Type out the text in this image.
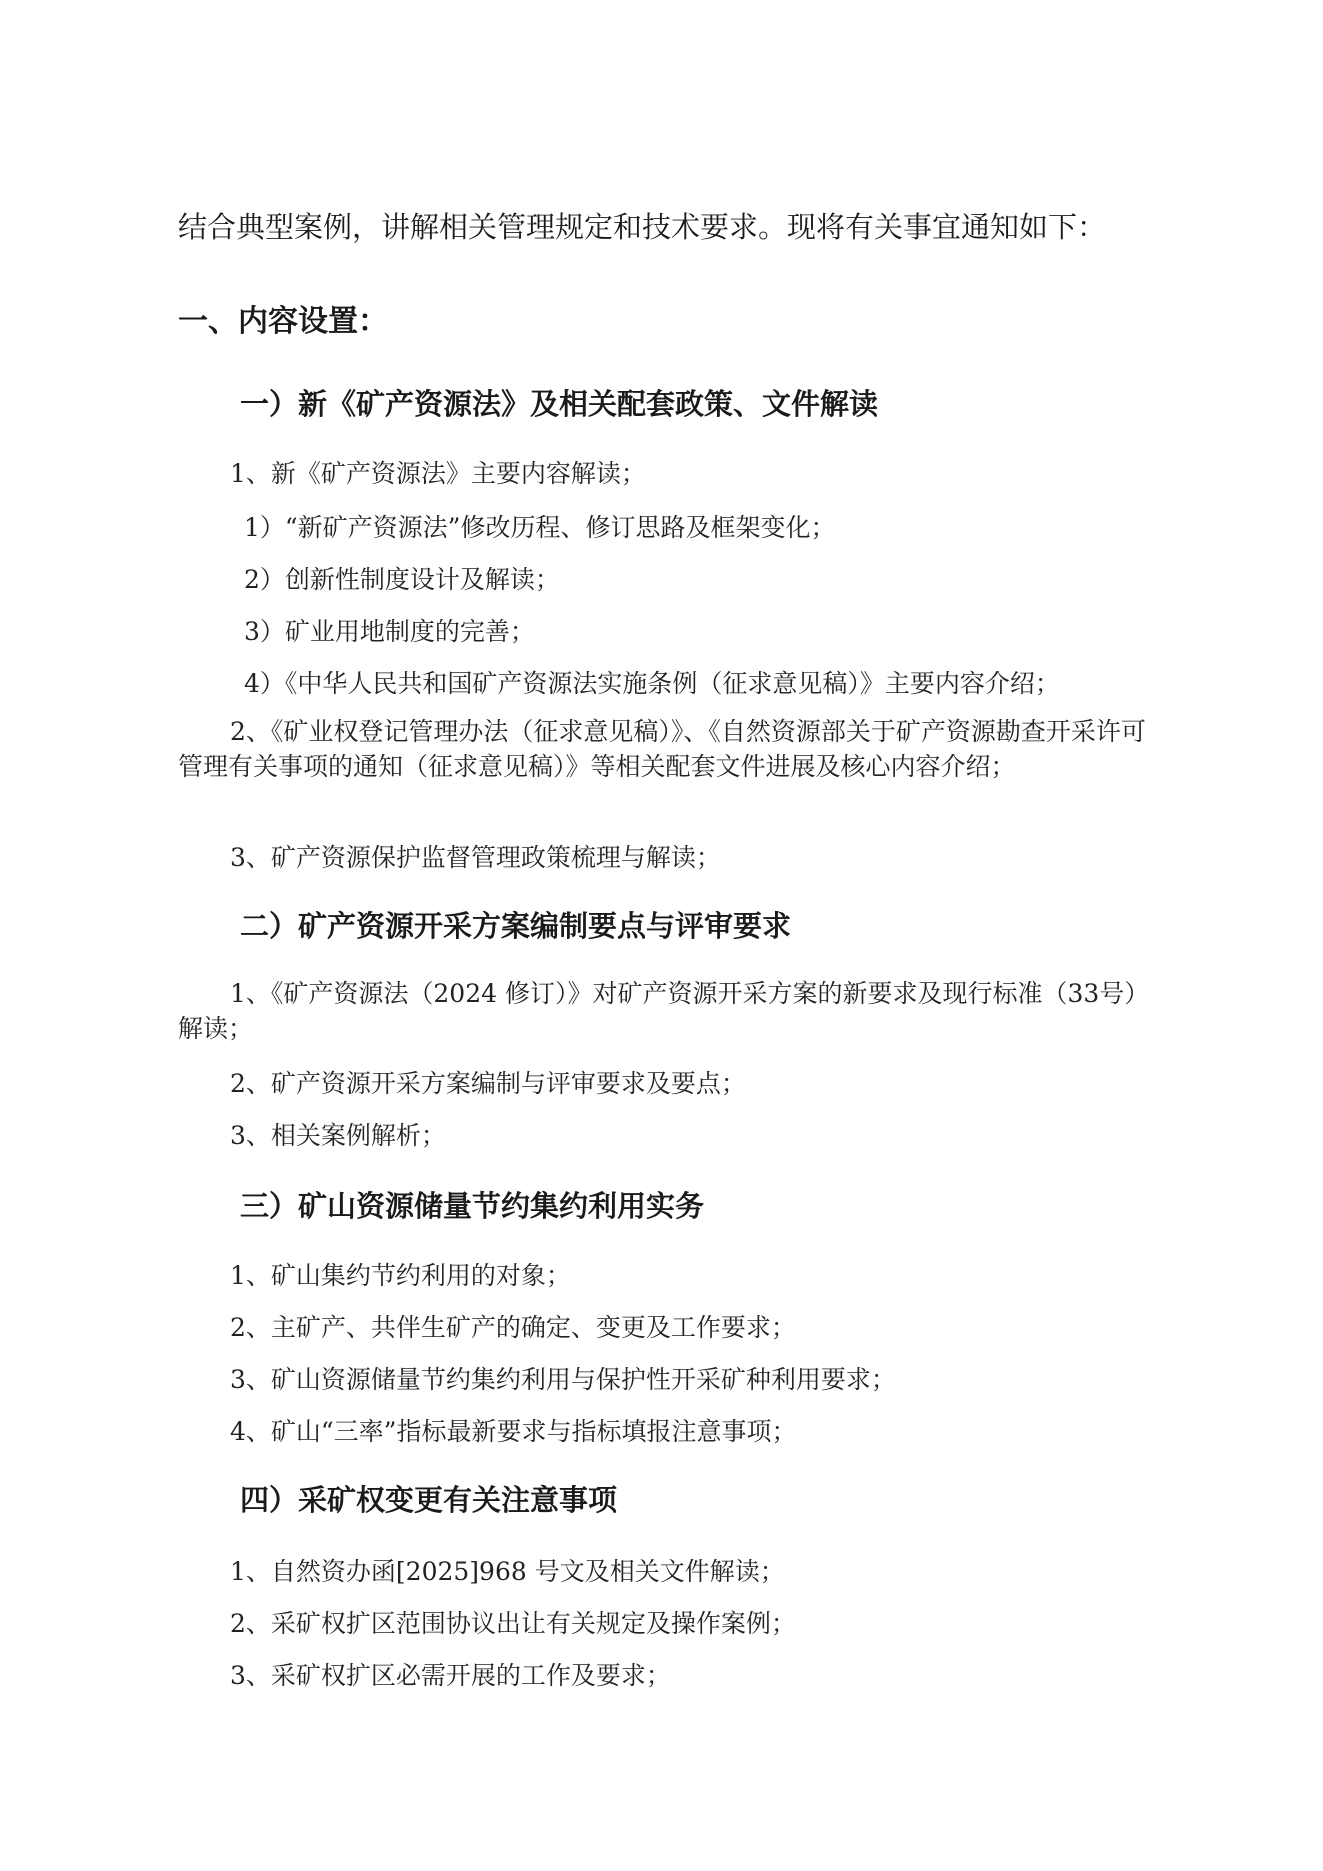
结合典型案例，讲解相关管理规定和技术要求。现将有关事宜通知如下：
一、内容设置：
一）新《矿产资源法》及相关配套政策、文件解读
1、新《矿产资源法》主要内容解读；
1）“新矿产资源法”修改历程、修订思路及框架变化；
2）创新性制度设计及解读；
3）矿业用地制度的完善；
4）《中华人民共和国矿产资源法实施条例（征求意见稿）》主要内容介绍；
2、《矿业权登记管理办法（征求意见稿）》、《自然资源部关于矿产资源勘查开采许可管理有关事项的通知（征求意见稿）》等相关配套文件进展及核心内容介绍；
3、矿产资源保护监督管理政策梳理与解读；
二）矿产资源开采方案编制要点与评审要求
1、《矿产资源法（2024 修订）》对矿产资源开采方案的新要求及现行标准（33号）解读；
2、矿产资源开采方案编制与评审要求及要点；
3、相关案例解析；
三）矿山资源储量节约集约利用实务
1、矿山集约节约利用的对象；
2、主矿产、共伴生矿产的确定、变更及工作要求；
3、矿山资源储量节约集约利用与保护性开采矿种利用要求；
4、矿山“三率”指标最新要求与指标填报注意事项；
四）采矿权变更有关注意事项
1、自然资办函[2025]968 号文及相关文件解读；
2、采矿权扩区范围协议出让有关规定及操作案例；
3、采矿权扩区必需开展的工作及要求；
